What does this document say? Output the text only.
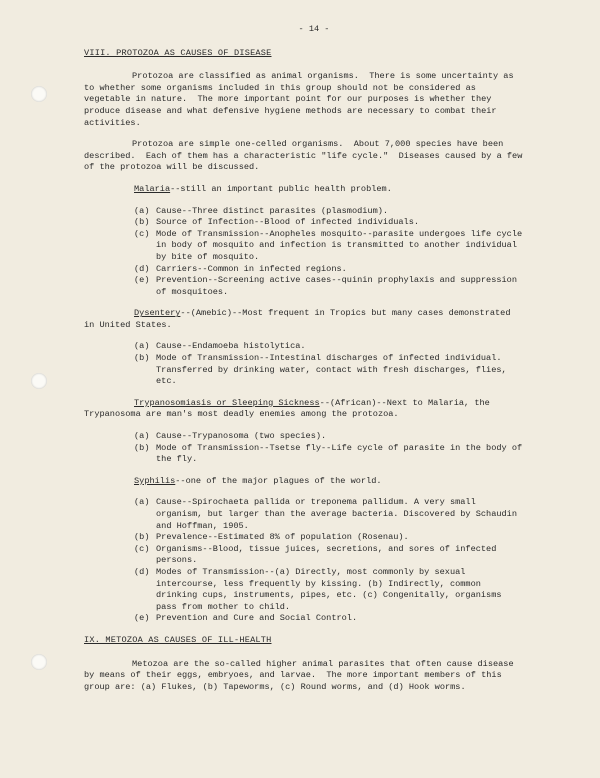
- 14 -
VIII. PROTOZOA AS CAUSES OF DISEASE
Protozoa are classified as animal organisms.  There is some uncertainty as to whether some organisms included in this group should not be considered as vegetable in nature.  The more important point for our purposes is whether they produce disease and what defensive hygiene methods are necessary to combat their activities.
Protozoa are simple one-celled organisms.  About 7,000 species have been described.  Each of them has a characteristic "life cycle."  Diseases caused by a few of the protozoa will be discussed.
Malaria--still an important public health problem.
(a) Cause--Three distinct parasites (plasmodium).
(b) Source of Infection--Blood of infected individuals.
(c) Mode of Transmission--Anopheles mosquito--parasite undergoes life cycle in body of mosquito and infection is transmitted to another individual by bite of mosquito.
(d) Carriers--Common in infected regions.
(e) Prevention--Screening active cases--quinin prophylaxis and suppression of mosquitoes.
Dysentery--(Amebic)--Most frequent in Tropics but many cases demonstrated in United States.
(a) Cause--Endamoeba histolytica.
(b) Mode of Transmission--Intestinal discharges of infected individual. Transferred by drinking water, contact with fresh discharges, flies, etc.
Trypanosomiasis or Sleeping Sickness--(African)--Next to Malaria, the Trypanosoma are man's most deadly enemies among the protozoa.
(a) Cause--Trypanosoma (two species).
(b) Mode of Transmission--Tsetse fly--Life cycle of parasite in the body of the fly.
Syphilis--one of the major plagues of the world.
(a) Cause--Spirochaeta pallida or treponema pallidum. A very small organism, but larger than the average bacteria. Discovered by Schaudin and Hoffman, 1905.
(b) Prevalence--Estimated 8% of population (Rosenau).
(c) Organisms--Blood, tissue juices, secretions, and sores of infected persons.
(d) Modes of Transmission--(a) Directly, most commonly by sexual intercourse, less frequently by kissing. (b) Indirectly, common drinking cups, instruments, pipes, etc. (c) Congenitally, organisms pass from mother to child.
(e) Prevention and Cure and Social Control.
IX. METOZOA AS CAUSES OF ILL-HEALTH
Metozoa are the so-called higher animal parasites that often cause disease by means of their eggs, embryoes, and larvae.  The more important members of this group are: (a) Flukes, (b) Tapeworms, (c) Round worms, and (d) Hook worms.
